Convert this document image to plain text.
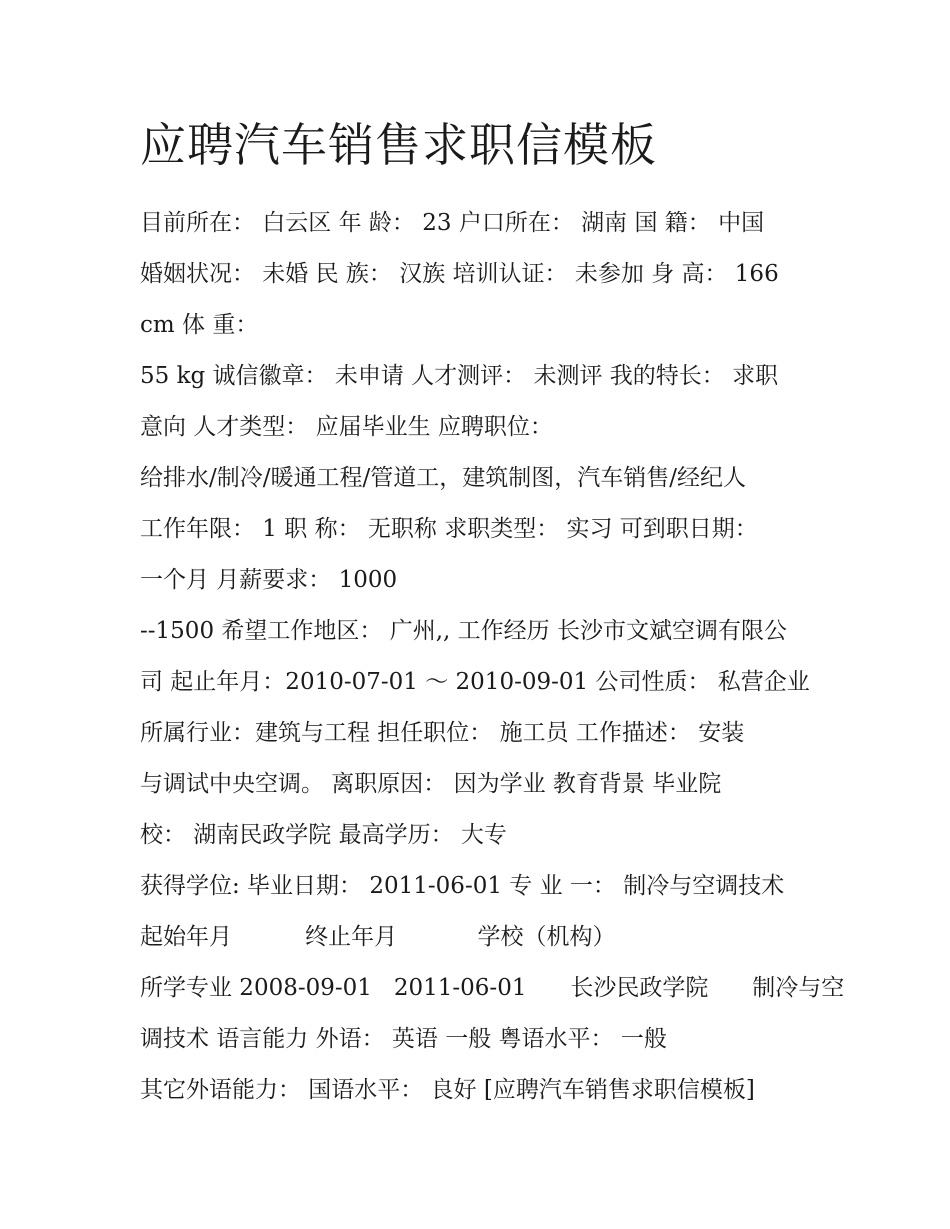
应聘汽车销售求职信模板
目前所在： 白云区 年 龄： 23 户口所在： 湖南 国 籍： 中国
婚姻状况： 未婚 民 族： 汉族 培训认证： 未参加 身 高： 166
cm 体 重：
55 kg 诚信徽章： 未申请 人才测评： 未测评 我的特长： 求职
意向 人才类型： 应届毕业生 应聘职位：
给排水/制冷/暖通工程/管道工，建筑制图，汽车销售/经纪人
工作年限： 1 职 称： 无职称 求职类型： 实习 可到职日期：
一个月 月薪要求： 1000
--1500 希望工作地区： 广州,, 工作经历 长沙市文斌空调有限公
司 起止年月：2010-07-01 ～ 2010-09-01 公司性质： 私营企业
所属行业：建筑与工程 担任职位： 施工员 工作描述： 安装
与调试中央空调。 离职原因： 因为学业 教育背景 毕业院
校： 湖南民政学院 最高学历： 大专
获得学位: 毕业日期： 2011-06-01 专 业 一： 制冷与空调技术
起始年月          终止年月           学校（机构）
所学专业 2008-09-01   2011-06-01      长沙民政学院      制冷与空
调技术 语言能力 外语： 英语 一般 粤语水平： 一般
其它外语能力： 国语水平： 良好 [应聘汽车销售求职信模板]
